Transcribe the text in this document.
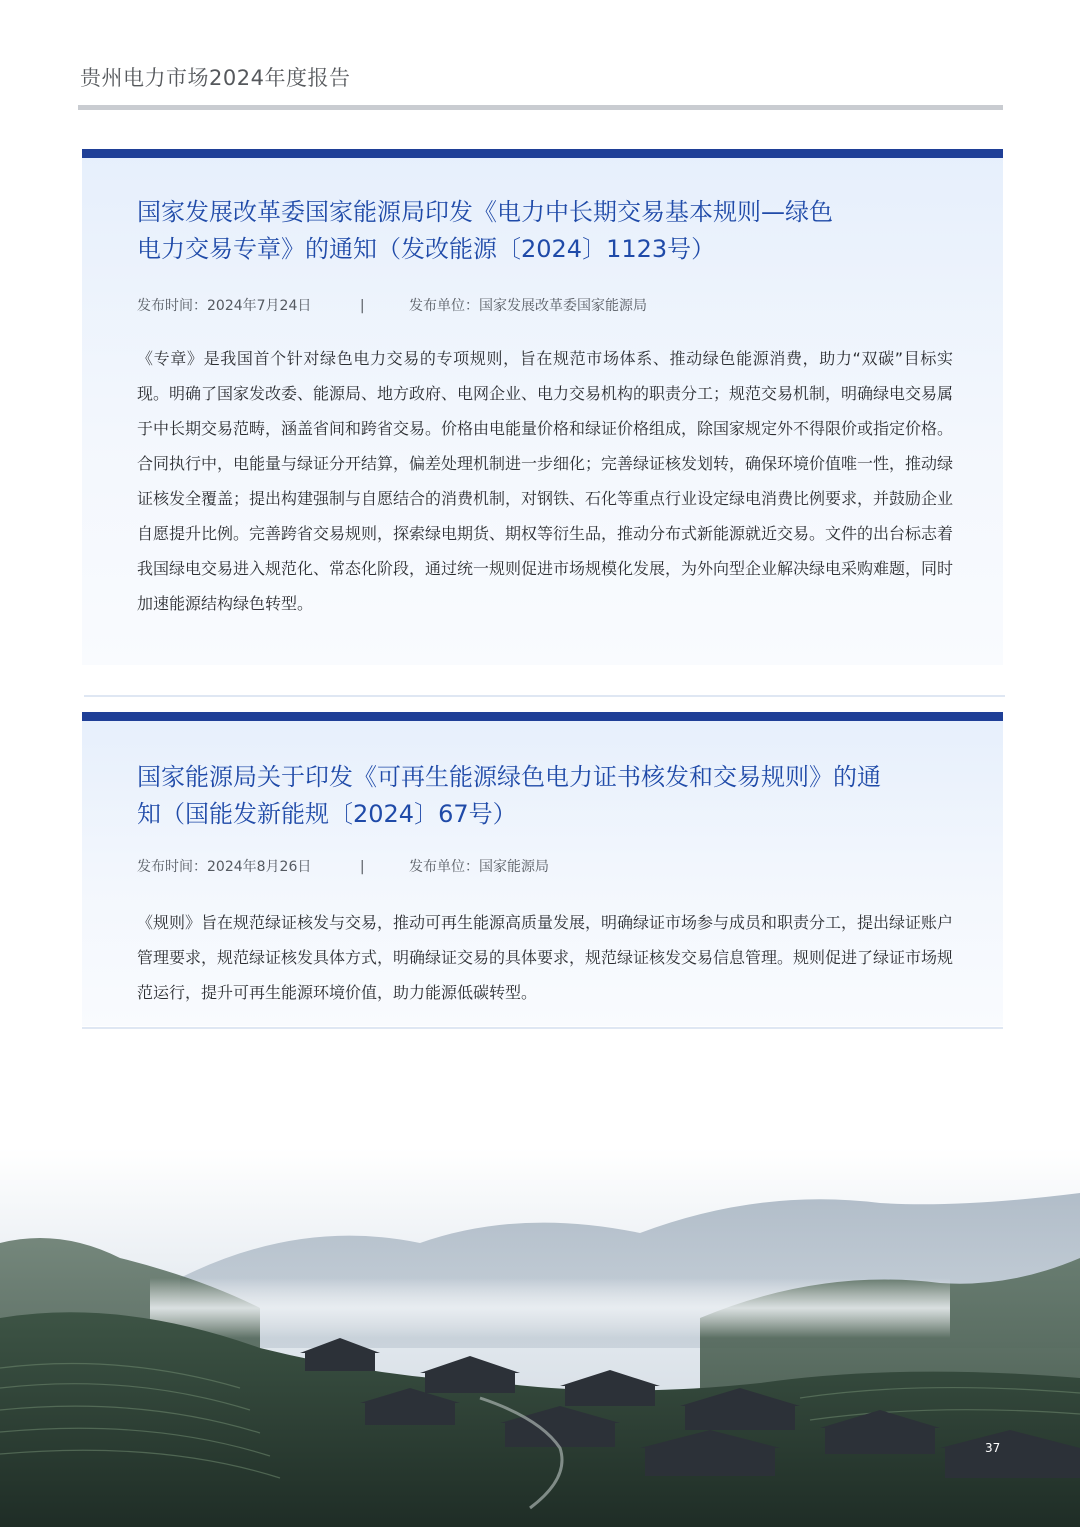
贵州电力市场2024年度报告
国家发展改革委国家能源局印发《电力中长期交易基本规则—绿色
电力交易专章》的通知（发改能源〔2024〕1123号）
发布时间：2024年7月24日	|	发布单位：国家发展改革委国家能源局

《专章》是我国首个针对绿色电力交易的专项规则，旨在规范市场体系、推动绿色能源消费，助力“双碳”目标实现。明确了国家发改委、能源局、地方政府、电网企业、电力交易机构的职责分工；规范交易机制，明确绿电交易属于中长期交易范畴，涵盖省间和跨省交易。价格由电能量价格和绿证价格组成，除国家规定外不得限价或指定价格。合同执行中，电能量与绿证分开结算，偏差处理机制进一步细化；完善绿证核发划转，确保环境价值唯一性，推动绿证核发全覆盖；提出构建强制与自愿结合的消费机制，对钢铁、石化等重点行业设定绿电消费比例要求，并鼓励企业自愿提升比例。完善跨省交易规则，探索绿电期货、期权等衍生品，推动分布式新能源就近交易。文件的出台标志着我国绿电交易进入规范化、常态化阶段，通过统一规则促进市场规模化发展，为外向型企业解决绿电采购难题，同时加速能源结构绿色转型。

国家能源局关于印发《可再生能源绿色电力证书核发和交易规则》的通
知（国能发新能规〔2024〕67号）
发布时间：2024年8月26日	|	发布单位：国家能源局

《规则》旨在规范绿证核发与交易，推动可再生能源高质量发展，明确绿证市场参与成员和职责分工，提出绿证账户管理要求，规范绿证核发具体方式，明确绿证交易的具体要求，规范绿证核发交易信息管理。规则促进了绿证市场规范运行，提升可再生能源环境价值，助力能源低碳转型。

37
